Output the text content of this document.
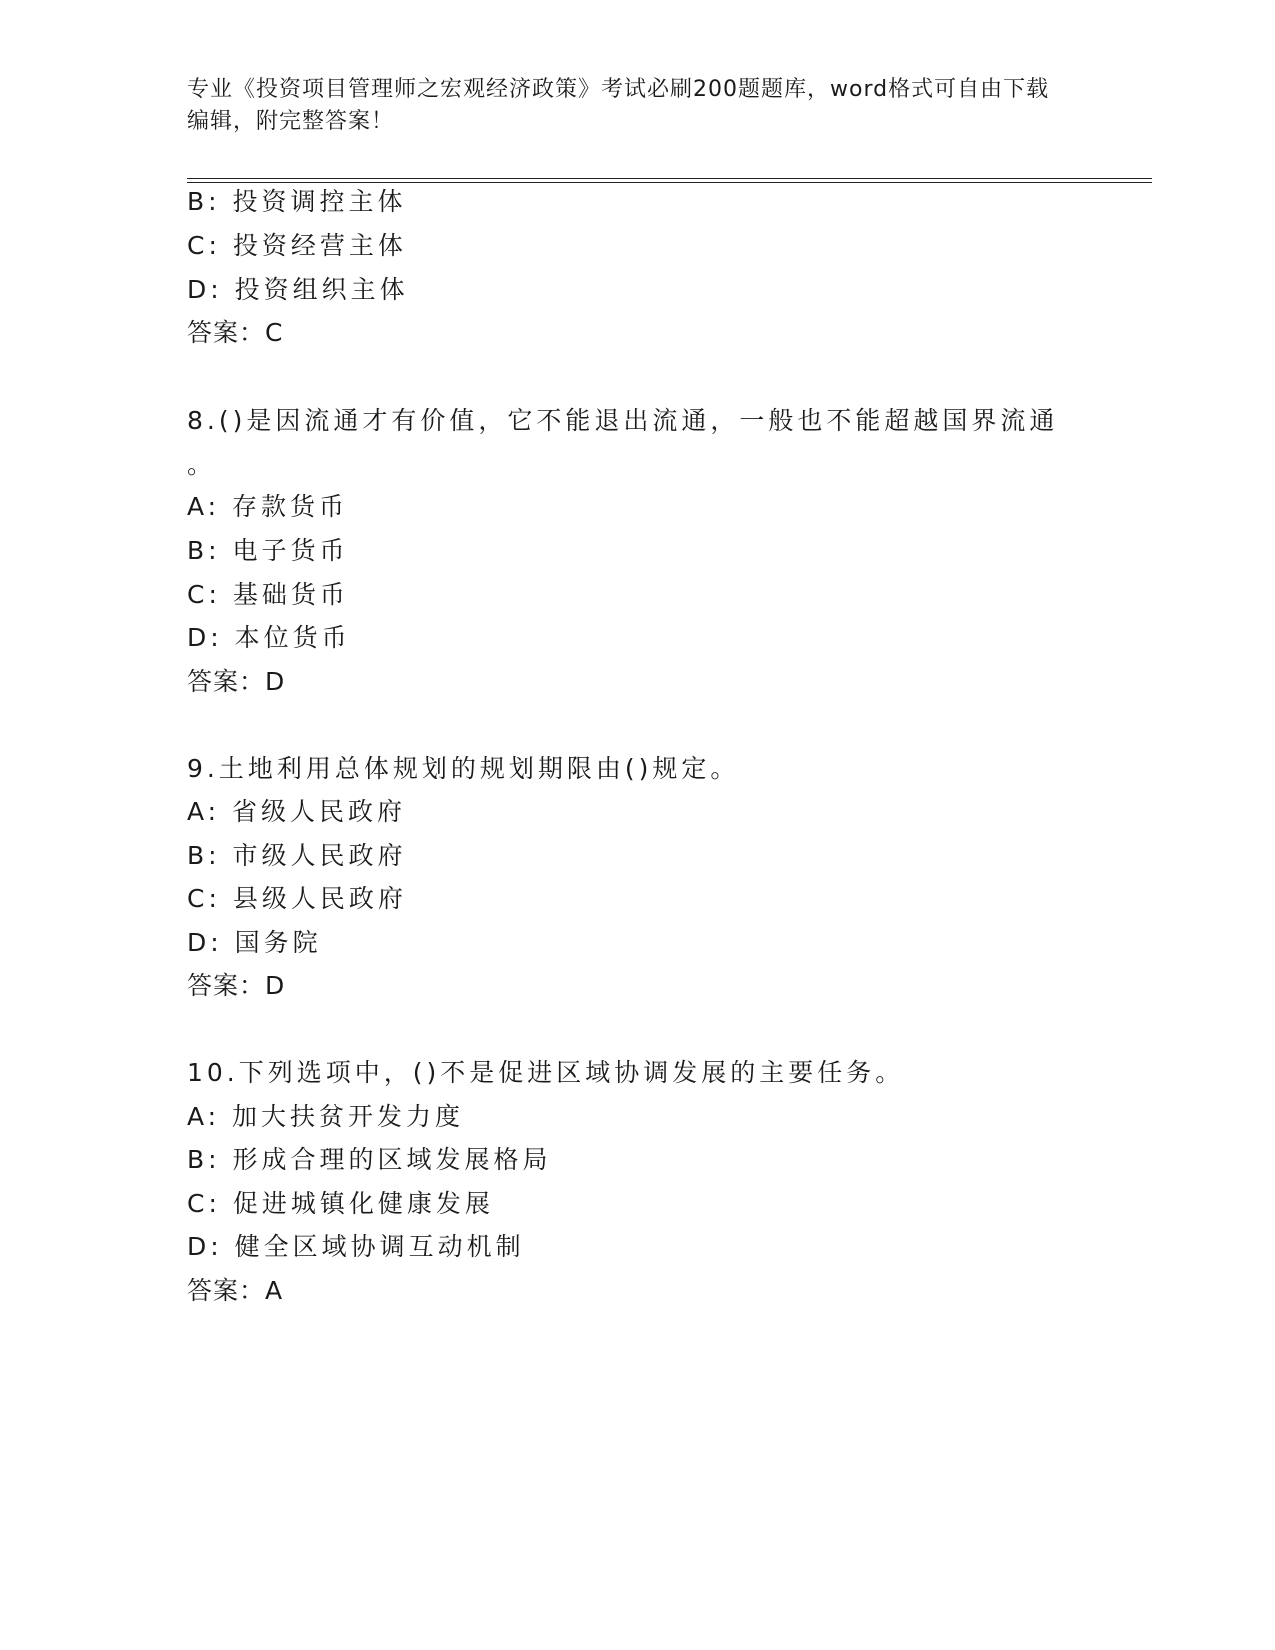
专业《投资项目管理师之宏观经济政策》考试必刷200题题库，word格式可自由下载编辑，附完整答案！
B: 投资调控主体
C: 投资经营主体
D: 投资组织主体
答案：C
8.()是因流通才有价值，它不能退出流通，一般也不能超越国界流通
。
A: 存款货币
B: 电子货币
C: 基础货币
D: 本位货币
答案：D
9.土地利用总体规划的规划期限由()规定。
A: 省级人民政府
B: 市级人民政府
C: 县级人民政府
D: 国务院
答案：D
10.下列选项中，()不是促进区域协调发展的主要任务。
A: 加大扶贫开发力度
B: 形成合理的区域发展格局
C: 促进城镇化健康发展
D: 健全区域协调互动机制
答案：A
